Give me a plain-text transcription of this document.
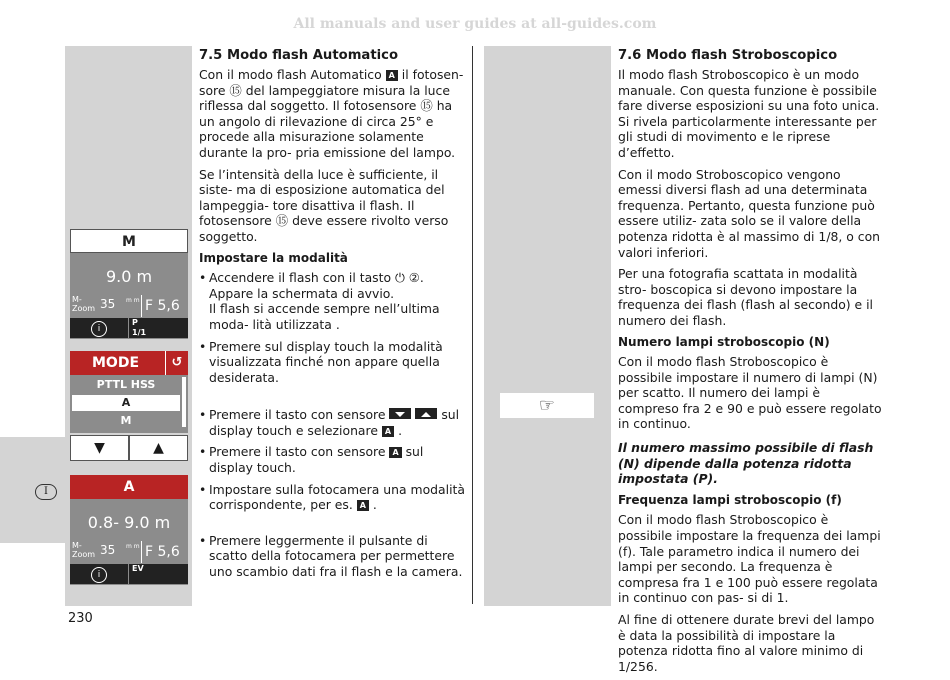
All manuals and user guides at all-guides.com
I
M
9.0 m
M-
Zoom 35 m m F 5,6
i
P
1/1
MODE	↺
PTTL HSS
A
M
▼	▲
A
0.8- 9.0 m
M-
Zoom 35 m m F 5,6
i
EV
7.5 Modo flash Automatico

Con il modo flash Automatico A il fotosen- sore ⑮ del lampeggiatore misura la luce riflessa dal soggetto. Il fotosensore ⑮ ha un angolo di rilevazione di circa 25° e procede alla misurazione solamente durante la pro- pria emissione del lampo.

Se l’intensità della luce è sufficiente, il siste- ma di esposizione automatica del lampeggia- tore disattiva il flash. Il fotosensore ⑮ deve essere rivolto verso soggetto.

Impostare la modalità
• Accendere il flash con il tasto ⏻ ②.
Appare la schermata di avvio.
Il flash si accende sempre nell’ultima moda- lità utilizzata .
• Premere sul display touch la modalità visualizzata finché non appare quella desiderata.
• Premere il tasto con sensore	sul display touch e selezionare A .
• Premere il tasto con sensore A sul display touch.
• Impostare sulla fotocamera una modalità corrispondente, per es. A .
• Premere leggermente il pulsante di scatto della fotocamera per permettere uno scambio dati fra il flash e la camera.
7.6 Modo flash Stroboscopico

Il modo flash Stroboscopico è un modo manuale. Con questa funzione è possibile fare diverse esposizioni su una foto unica. Si rivela particolarmente interessante per gli studi di movimento e le riprese d’effetto.

Con il modo Stroboscopico vengono emessi diversi flash ad una determinata frequenza. Pertanto, questa funzione può essere utiliz- zata solo se il valore della potenza ridotta è al massimo di 1/8, o con valori inferiori.

Per una fotografia scattata in modalità stro- boscopica si devono impostare la frequenza dei flash (flash al secondo) e il numero dei flash.

Numero lampi stroboscopio (N)

Con il modo flash Stroboscopico è possibile impostare il numero di lampi (N) per scatto. Il numero dei lampi è compreso fra 2 e 90 e può essere regolato in continuo.

Il numero massimo possibile di flash (N) dipende dalla potenza ridotta impostata (P).

Frequenza lampi stroboscopio (f)

Con il modo flash Stroboscopico è possibile impostare la frequenza dei lampi (f). Tale parametro indica il numero dei lampi per secondo. La frequenza è compresa fra 1 e 100 può essere regolata in continuo con pas- si di 1.

Al fine di ottenere durate brevi del lampo è data la possibilità di impostare la potenza ridotta fino al valore minimo di 1/256.

☞
230
